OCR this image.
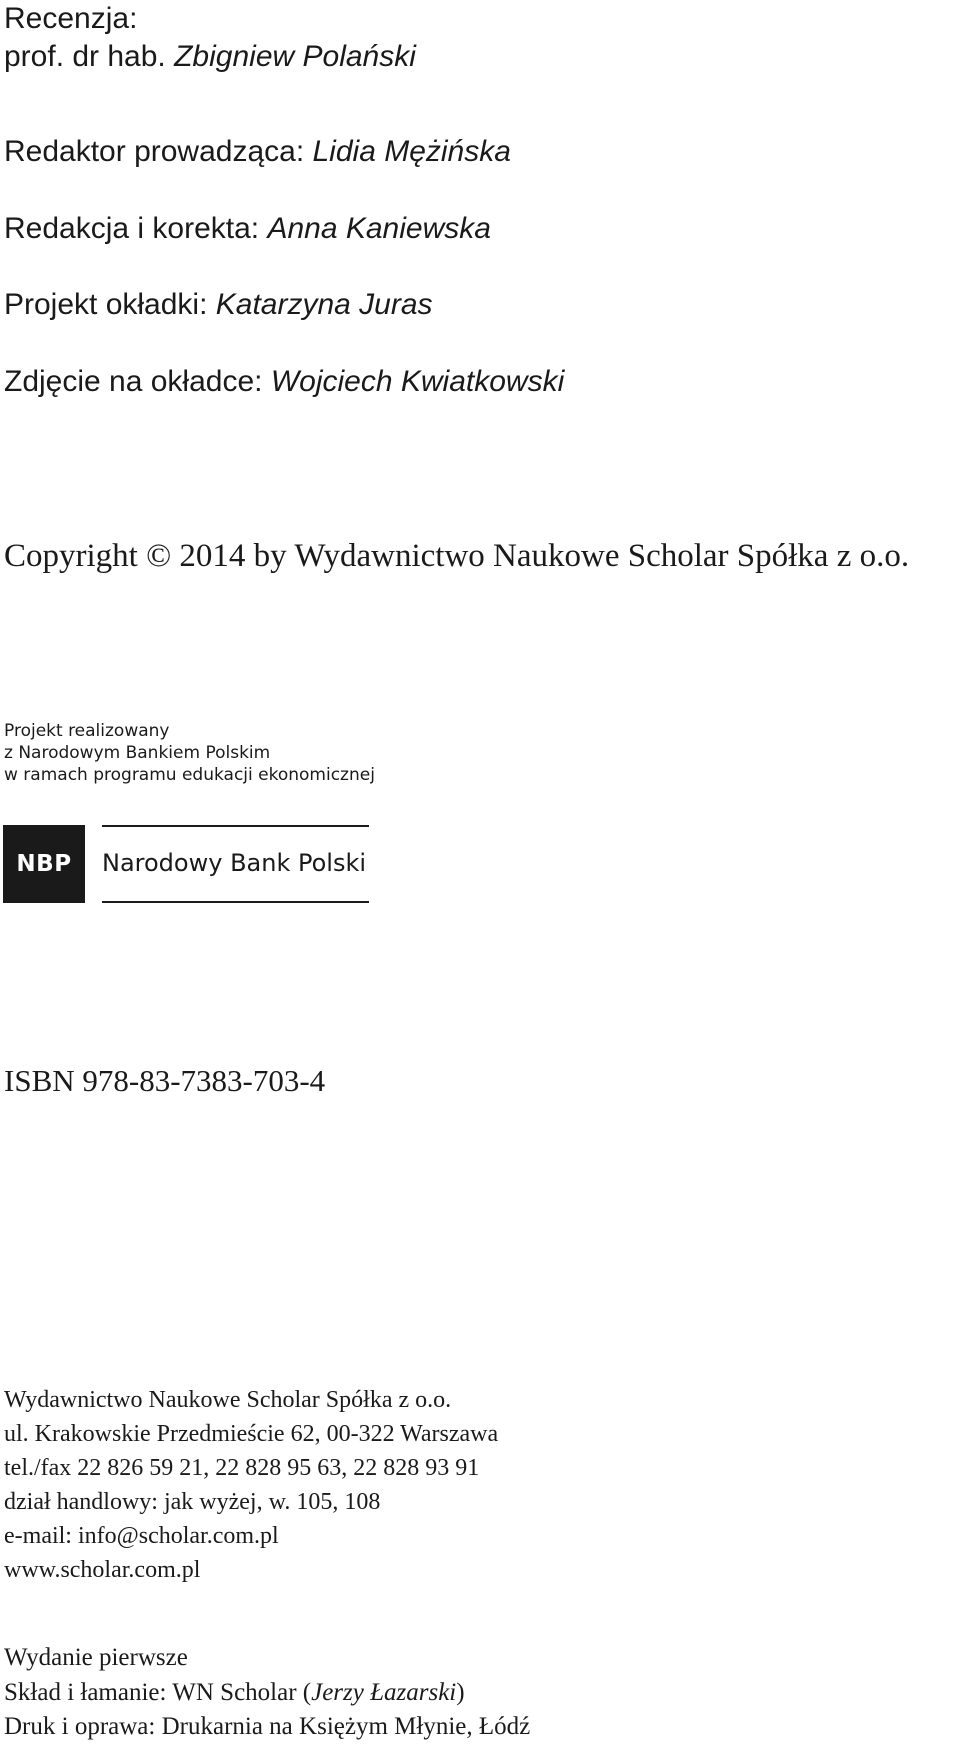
Recenzja:

prof. dr hab. Zbigniew Polański

Redaktor prowadząca: Lidia Mężińska

Redakcja i korekta: Anna Kaniewska

Projekt okładki: Katarzyna Juras

Zdjęcie na okładce: Wojciech Kwiatkowski

Copyright © 2014 by Wydawnictwo Naukowe Scholar Spółka z o.o.

Projekt realizowany
z Narodowym Bankiem Polskim
w ramach programu edukacji ekonomicznej
NBP	Narodowy Bank Polski

ISBN 978-83-7383-703-4

Wydawnictwo Naukowe Scholar Spółka z o.o.

ul. Krakowskie Przedmieście 62, 00-322 Warszawa

tel./fax 22 826 59 21, 22 828 95 63, 22 828 93 91

dział handlowy: jak wyżej, w. 105, 108

e-mail: info@scholar.com.pl

www.scholar.com.pl

Wydanie pierwsze

Skład i łamanie: WN Scholar (Jerzy Łazarski)

Druk i oprawa: Drukarnia na Księżym Młynie, Łódź
